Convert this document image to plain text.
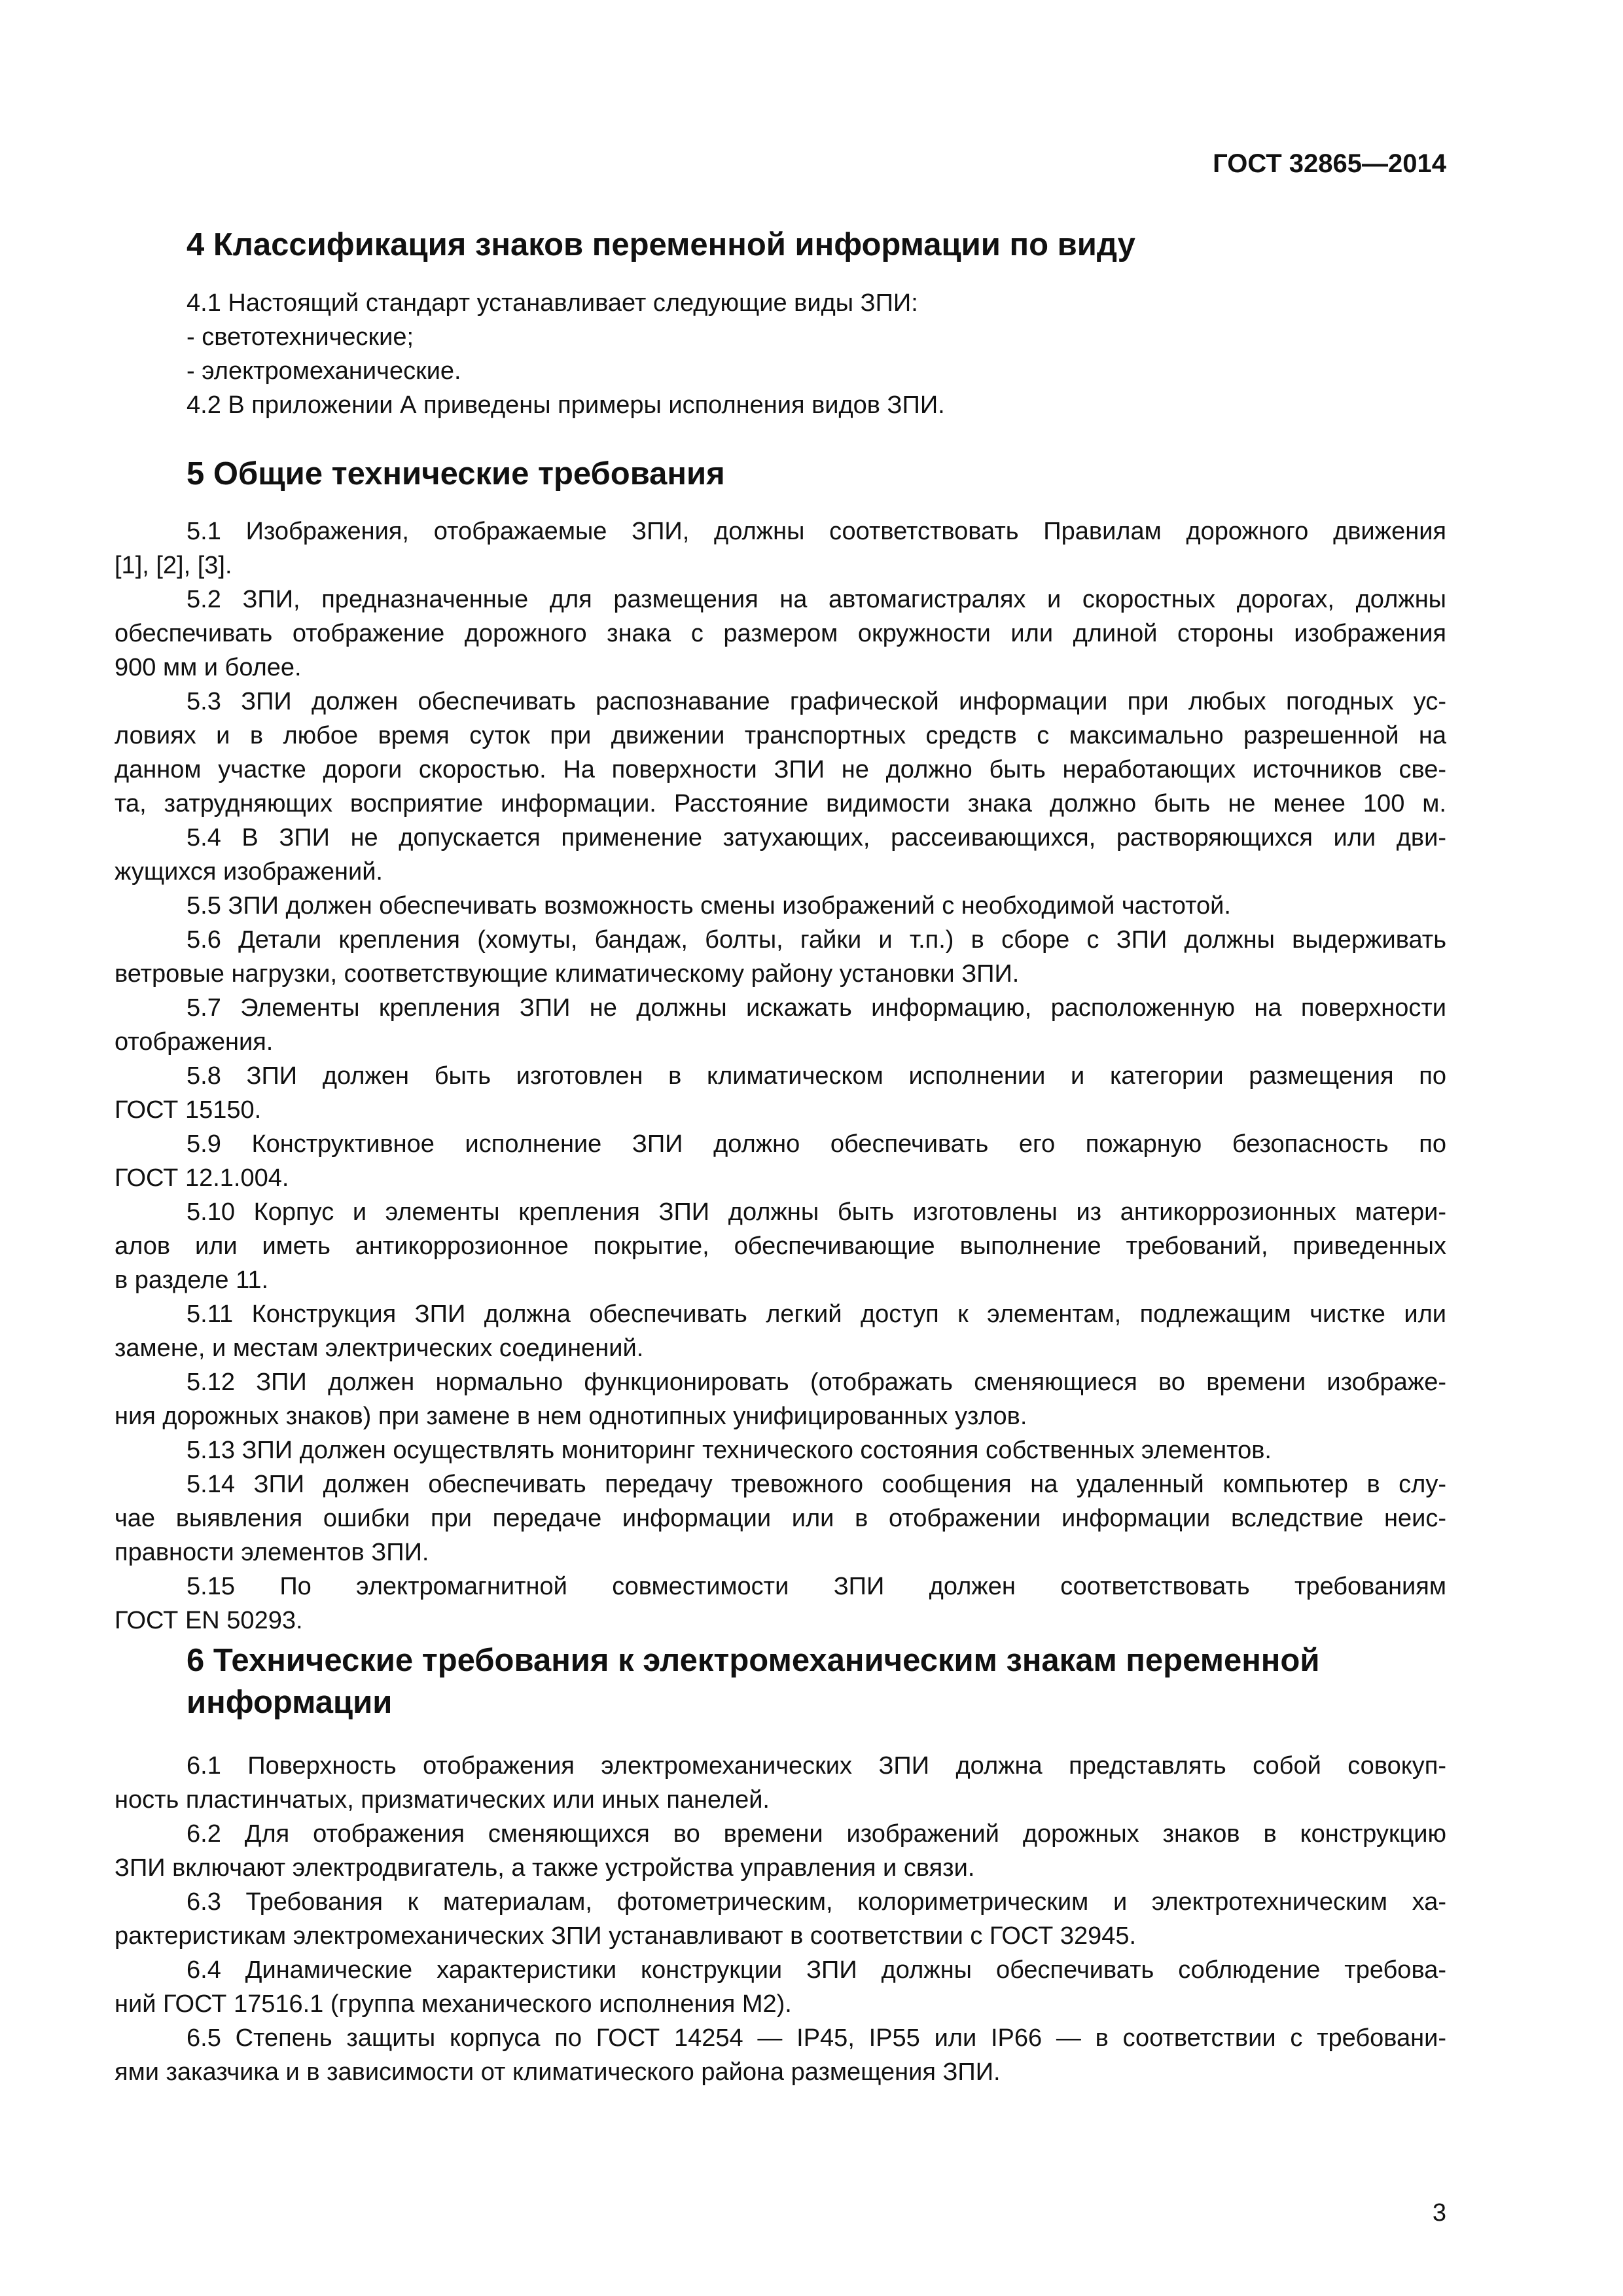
ГОСТ 32865—2014
4 Классификация знаков переменной информации по виду

4.1 Настоящий стандарт устанавливает следующие виды ЗПИ:

- светотехнические;

- электромеханические.

4.2 В приложении А приведены примеры исполнения видов ЗПИ.

5 Общие технические требования

5.1 Изображения, отображаемые ЗПИ, должны соответствовать Правилам дорожного движения

[1], [2], [3].

5.2 ЗПИ, предназначенные для размещения на автомагистралях и скоростных дорогах, должны

обеспечивать отображение дорожного знака с размером окружности или длиной стороны изображения

900 мм и более.

5.3 ЗПИ должен обеспечивать распознавание графической информации при любых погодных ус-

ловиях и в любое время суток при движении транспортных средств с максимально разрешенной на

данном участке дороги скоростью. На поверхности ЗПИ не должно быть неработающих источников све-

та, затрудняющих восприятие информации. Расстояние видимости знака должно быть не менее 100 м.

5.4 В ЗПИ не допускается применение затухающих, рассеивающихся, растворяющихся или дви-

жущихся изображений.

5.5 ЗПИ должен обеспечивать возможность смены изображений с необходимой частотой.

5.6 Детали крепления (хомуты, бандаж, болты, гайки и т.п.) в сборе с ЗПИ должны выдерживать

ветровые нагрузки, соответствующие климатическому району установки ЗПИ.

5.7 Элементы крепления ЗПИ не должны искажать информацию, расположенную на поверхности

отображения.

5.8 ЗПИ должен быть изготовлен в климатическом исполнении и категории размещения по

ГОСТ 15150.

5.9 Конструктивное исполнение ЗПИ должно обеспечивать его пожарную безопасность по

ГОСТ 12.1.004.

5.10 Корпус и элементы крепления ЗПИ должны быть изготовлены из антикоррозионных матери-

алов или иметь антикоррозионное покрытие, обеспечивающие выполнение требований, приведенных

в разделе 11.

5.11 Конструкция ЗПИ должна обеспечивать легкий доступ к элементам, подлежащим чистке или

замене, и местам электрических соединений.

5.12 ЗПИ должен нормально функционировать (отображать сменяющиеся во времени изображе-

ния дорожных знаков) при замене в нем однотипных унифицированных узлов.

5.13 ЗПИ должен осуществлять мониторинг технического состояния собственных элементов.

5.14 ЗПИ должен обеспечивать передачу тревожного сообщения на удаленный компьютер в слу-

чае выявления ошибки при передаче информации или в отображении информации вследствие неис-

правности элементов ЗПИ.

5.15 По электромагнитной совместимости ЗПИ должен соответствовать требованиям

ГОСТ EN 50293.

6 Технические требования к электромеханическим знакам переменной
информации

6.1 Поверхность отображения электромеханических ЗПИ должна представлять собой совокуп-

ность пластинчатых, призматических или иных панелей.

6.2 Для отображения сменяющихся во времени изображений дорожных знаков в конструкцию

ЗПИ включают электродвигатель, а также устройства управления и связи.

6.3 Требования к материалам, фотометрическим, колориметрическим и электротехническим ха-

рактеристикам электромеханических ЗПИ устанавливают в соответствии с ГОСТ 32945.

6.4 Динамические характеристики конструкции ЗПИ должны обеспечивать соблюдение требова-

ний ГОСТ 17516.1 (группа механического исполнения М2).

6.5 Степень защиты корпуса по ГОСТ 14254 — IP45, IP55 или IP66 — в соответствии с требовани-

ями заказчика и в зависимости от климатического района размещения ЗПИ.

3
